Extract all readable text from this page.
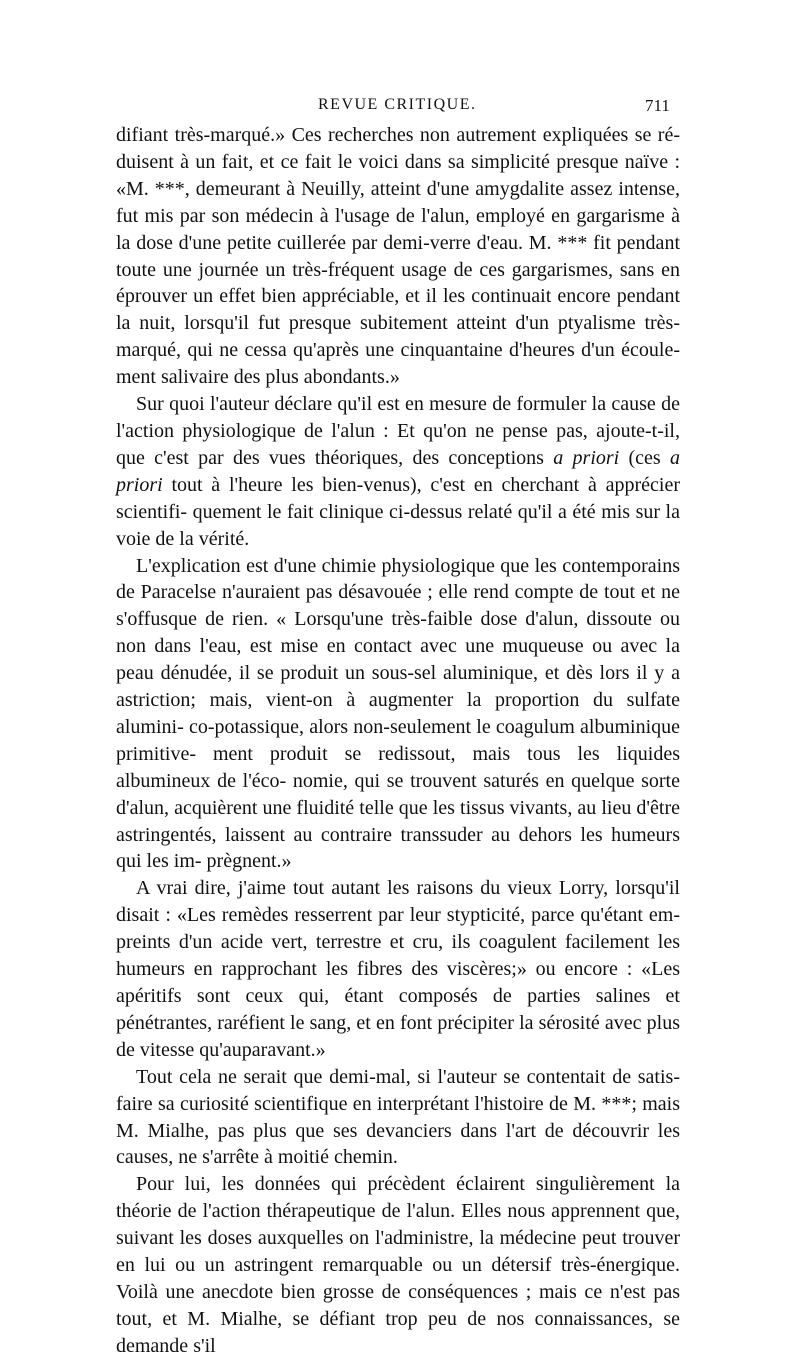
REVUE CRITIQUE.	711

difiant très-marqué.» Ces recherches non autrement expliquées se ré- duisent à un fait, et ce fait le voici dans sa simplicité presque naïve : «M. ***, demeurant à Neuilly, atteint d'une amygdalite assez intense, fut mis par son médecin à l'usage de l'alun, employé en gargarisme à la dose d'une petite cuillerée par demi-verre d'eau. M. *** fit pendant toute une journée un très-fréquent usage de ces gargarismes, sans en éprouver un effet bien appréciable, et il les continuait encore pendant la nuit, lorsqu'il fut presque subitement atteint d'un ptyalisme très- marqué, qui ne cessa qu'après une cinquantaine d'heures d'un écoule- ment salivaire des plus abondants.»

Sur quoi l'auteur déclare qu'il est en mesure de formuler la cause de l'action physiologique de l'alun : Et qu'on ne pense pas, ajoute-t-il, que c'est par des vues théoriques, des conceptions a priori (ces a priori tout à l'heure les bien-venus), c'est en cherchant à apprécier scientifi- quement le fait clinique ci-dessus relaté qu'il a été mis sur la voie de la vérité.

L'explication est d'une chimie physiologique que les contemporains de Paracelse n'auraient pas désavouée ; elle rend compte de tout et ne s'offusque de rien. « Lorsqu'une très-faible dose d'alun, dissoute ou non dans l'eau, est mise en contact avec une muqueuse ou avec la peau dénudée, il se produit un sous-sel aluminique, et dès lors il y a astriction; mais, vient-on à augmenter la proportion du sulfate alumini- co-potassique, alors non-seulement le coagulum albuminique primitive- ment produit se redissout, mais tous les liquides albumineux de l'éco- nomie, qui se trouvent saturés en quelque sorte d'alun, acquièrent une fluidité telle que les tissus vivants, au lieu d'être astringentés, laissent au contraire transsuder au dehors les humeurs qui les im- prègnent.»

A vrai dire, j'aime tout autant les raisons du vieux Lorry, lorsqu'il disait : «Les remèdes resserrent par leur stypticité, parce qu'étant em- preints d'un acide vert, terrestre et cru, ils coagulent facilement les humeurs en rapprochant les fibres des viscères;» ou encore : «Les apéritifs sont ceux qui, étant composés de parties salines et pénétrantes, raréfient le sang, et en font précipiter la sérosité avec plus de vitesse qu'auparavant.»

Tout cela ne serait que demi-mal, si l'auteur se contentait de satis- faire sa curiosité scientifique en interprétant l'histoire de M. ***; mais M. Mialhe, pas plus que ses devanciers dans l'art de découvrir les causes, ne s'arrête à moitié chemin.

Pour lui, les données qui précèdent éclairent singulièrement la théorie de l'action thérapeutique de l'alun. Elles nous apprennent que, suivant les doses auxquelles on l'administre, la médecine peut trouver en lui ou un astringent remarquable ou un détersif très-énergique. Voilà une anecdote bien grosse de conséquences ; mais ce n'est pas tout, et M. Mialhe, se défiant trop peu de nos connaissances, se demande s'il
